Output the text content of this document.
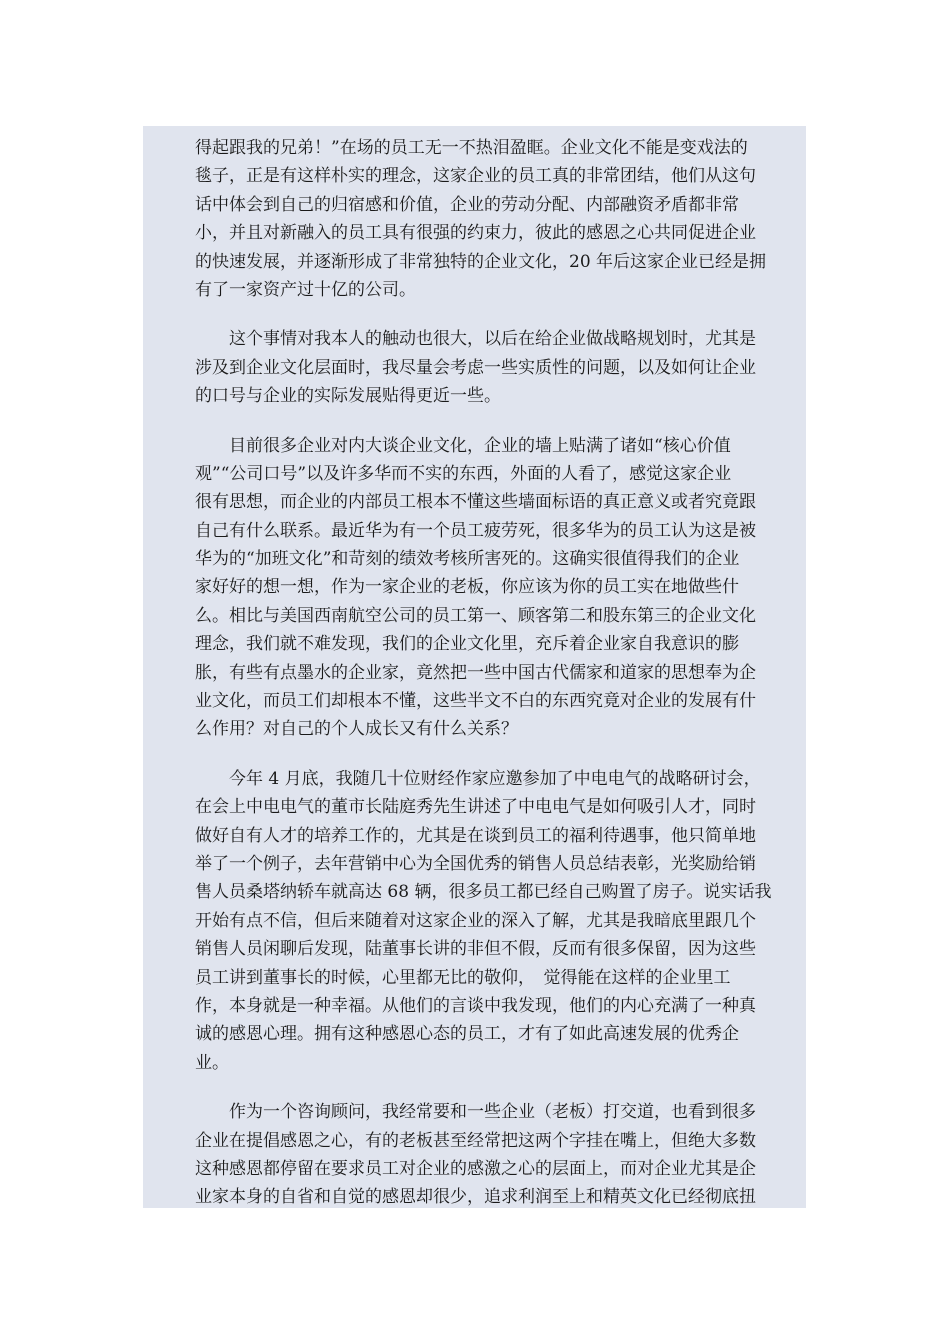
得起跟我的兄弟！”在场的员工无一不热泪盈眶。企业文化不能是变戏法的
毯子，正是有这样朴实的理念，这家企业的员工真的非常团结，他们从这句
话中体会到自己的归宿感和价值，企业的劳动分配、内部融资矛盾都非常
小，并且对新融入的员工具有很强的约束力，彼此的感恩之心共同促进企业
的快速发展，并逐渐形成了非常独特的企业文化，20 年后这家企业已经是拥
有了一家资产过十亿的公司。

这个事情对我本人的触动也很大，以后在给企业做战略规划时，尤其是
涉及到企业文化层面时，我尽量会考虑一些实质性的问题，以及如何让企业
的口号与企业的实际发展贴得更近一些。

目前很多企业对内大谈企业文化，企业的墙上贴满了诸如“核心价值
观”“公司口号”以及许多华而不实的东西，外面的人看了，感觉这家企业
很有思想，而企业的内部员工根本不懂这些墙面标语的真正意义或者究竟跟
自己有什么联系。最近华为有一个员工疲劳死，很多华为的员工认为这是被
华为的“加班文化”和苛刻的绩效考核所害死的。这确实很值得我们的企业
家好好的想一想，作为一家企业的老板，你应该为你的员工实在地做些什
么。相比与美国西南航空公司的员工第一、顾客第二和股东第三的企业文化
理念，我们就不难发现，我们的企业文化里，充斥着企业家自我意识的膨
胀，有些有点墨水的企业家，竟然把一些中国古代儒家和道家的思想奉为企
业文化，而员工们却根本不懂，这些半文不白的东西究竟对企业的发展有什
么作用？对自己的个人成长又有什么关系？

今年 4 月底，我随几十位财经作家应邀参加了中电电气的战略研讨会，
在会上中电电气的董市长陆庭秀先生讲述了中电电气是如何吸引人才，同时
做好自有人才的培养工作的，尤其是在谈到员工的福利待遇事，他只简单地
举了一个例子，去年营销中心为全国优秀的销售人员总结表彰，光奖励给销
售人员桑塔纳轿车就高达 68 辆，很多员工都已经自己购置了房子。说实话我
开始有点不信，但后来随着对这家企业的深入了解，尤其是我暗底里跟几个
销售人员闲聊后发现，陆董事长讲的非但不假，反而有很多保留，因为这些
员工讲到董事长的时候，心里都无比的敬仰，　觉得能在这样的企业里工
作，本身就是一种幸福。从他们的言谈中我发现，他们的内心充满了一种真
诚的感恩心理。拥有这种感恩心态的员工，才有了如此高速发展的优秀企
业。

作为一个咨询顾问，我经常要和一些企业（老板）打交道，也看到很多
企业在提倡感恩之心，有的老板甚至经常把这两个字挂在嘴上，但绝大多数
这种感恩都停留在要求员工对企业的感激之心的层面上，而对企业尤其是企
业家本身的自省和自觉的感恩却很少，追求利润至上和精英文化已经彻底扭
